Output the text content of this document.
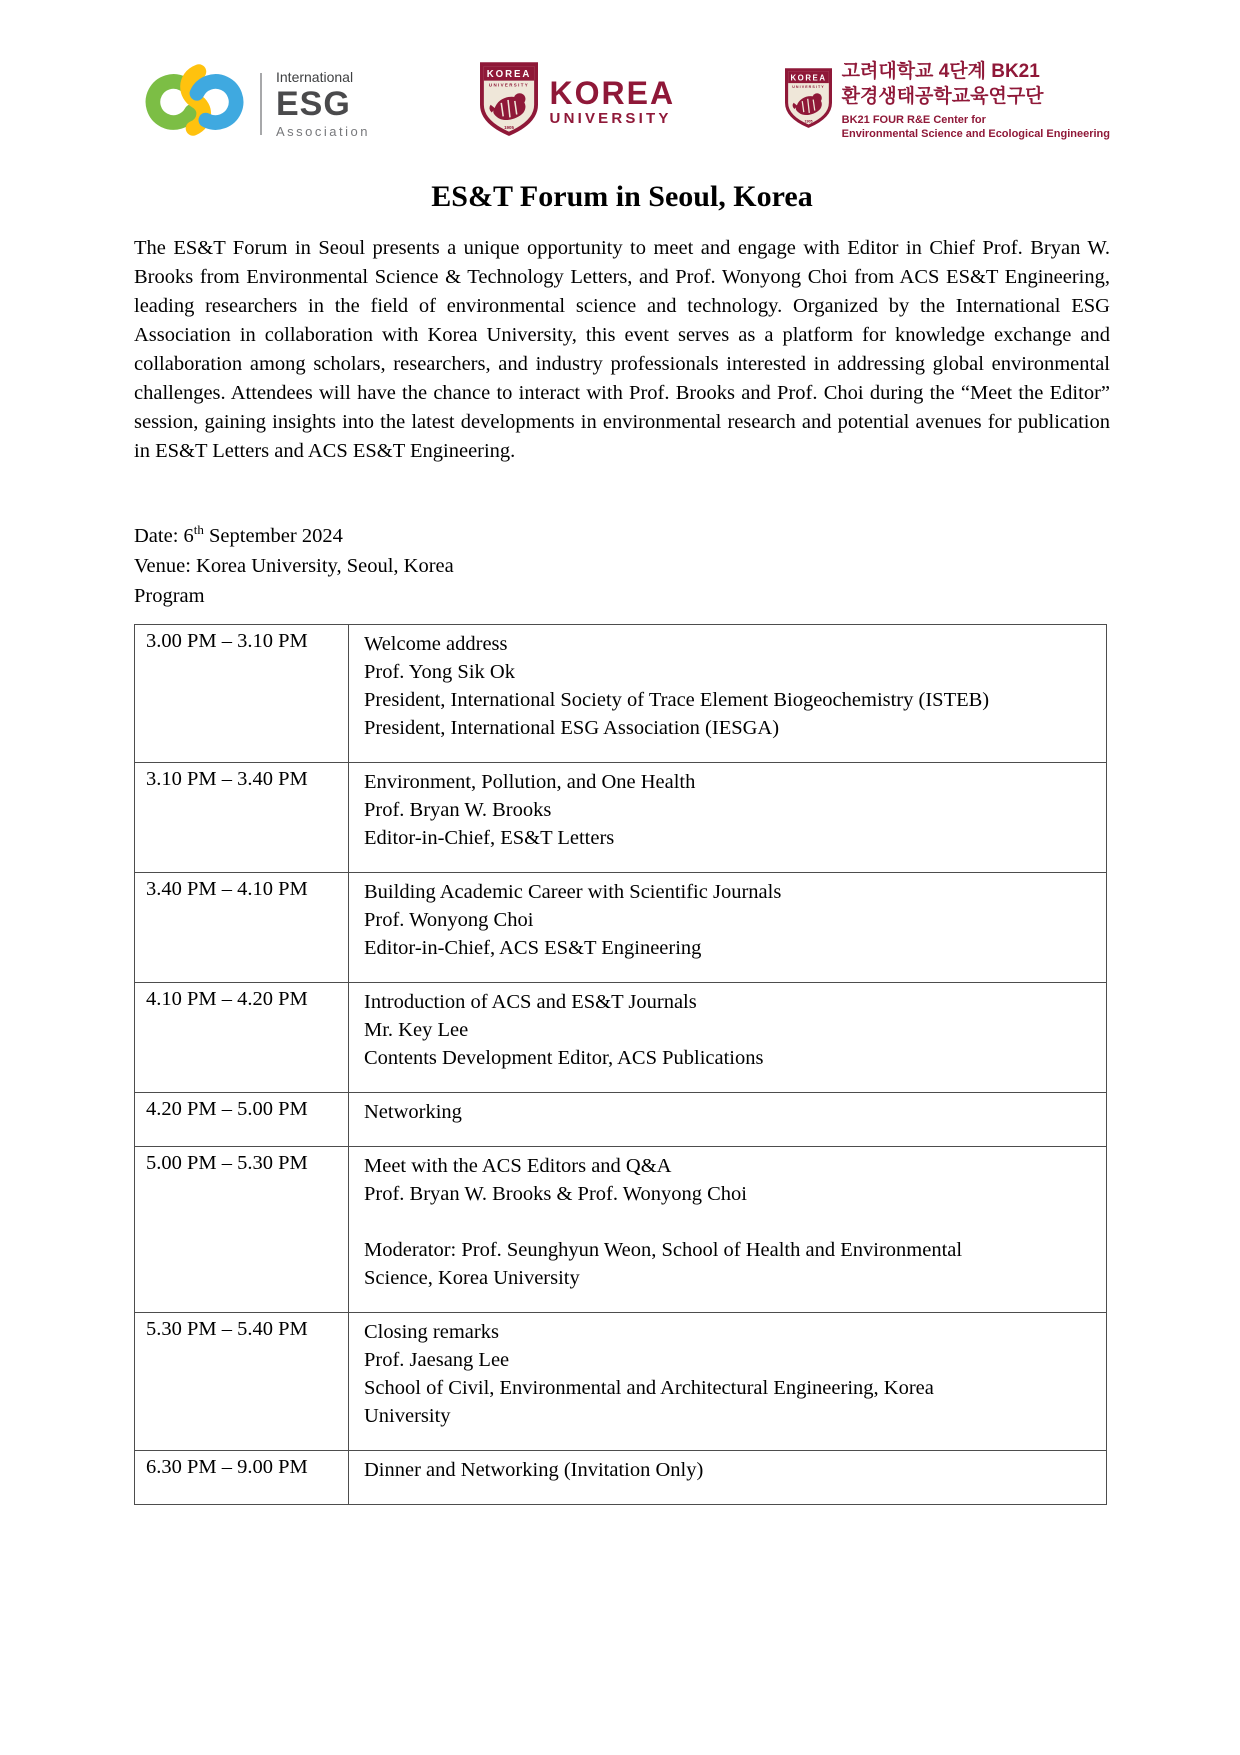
International
ESG
Association
KOREA
UNIVERSITY
1905
KOREA
UNIVERSITY
KOREA
UNIVERSITY
1905
고려대학교 4단계 BK21
환경생태공학교육연구단
BK21 FOUR R&E Center for
Environmental Science and Ecological Engineering
ES&T Forum in Seoul, Korea

The ES&T Forum in Seoul presents a unique opportunity to meet and engage with Editor in Chief Prof. Bryan W. Brooks from Environmental Science & Technology Letters, and Prof. Wonyong Choi from ACS ES&T Engineering, leading researchers in the field of environmental science and technology. Organized by the International ESG Association in collaboration with Korea University, this event serves as a platform for knowledge exchange and collaboration among scholars, researchers, and industry professionals interested in addressing global environmental challenges. Attendees will have the chance to interact with Prof. Brooks and Prof. Choi during the “Meet the Editor” session, gaining insights into the latest developments in environmental research and potential avenues for publication in ES&T Letters and ACS ES&T Engineering.

Date: 6th September 2024
Venue: Korea University, Seoul, Korea
Program
3.00 PM – 3.10 PM	Welcome address
Prof. Yong Sik Ok
President, International Society of Trace Element Biogeochemistry (ISTEB)
President, International ESG Association (IESGA)

3.10 PM – 3.40 PM	Environment, Pollution, and One Health
Prof. Bryan W. Brooks
Editor-in-Chief, ES&T Letters

3.40 PM – 4.10 PM	Building Academic Career with Scientific Journals
Prof. Wonyong Choi
Editor-in-Chief, ACS ES&T Engineering

4.10 PM – 4.20 PM	Introduction of ACS and ES&T Journals
Mr. Key Lee
Contents Development Editor, ACS Publications

4.20 PM – 5.00 PM	Networking

5.00 PM – 5.30 PM	Meet with the ACS Editors and Q&A
Prof. Bryan W. Brooks & Prof. Wonyong Choi

Moderator: Prof. Seunghyun Weon, School of Health and Environmental
Science, Korea University

5.30 PM – 5.40 PM	Closing remarks
Prof. Jaesang Lee
School of Civil, Environmental and Architectural Engineering, Korea
University

6.30 PM – 9.00 PM	Dinner and Networking (Invitation Only)
